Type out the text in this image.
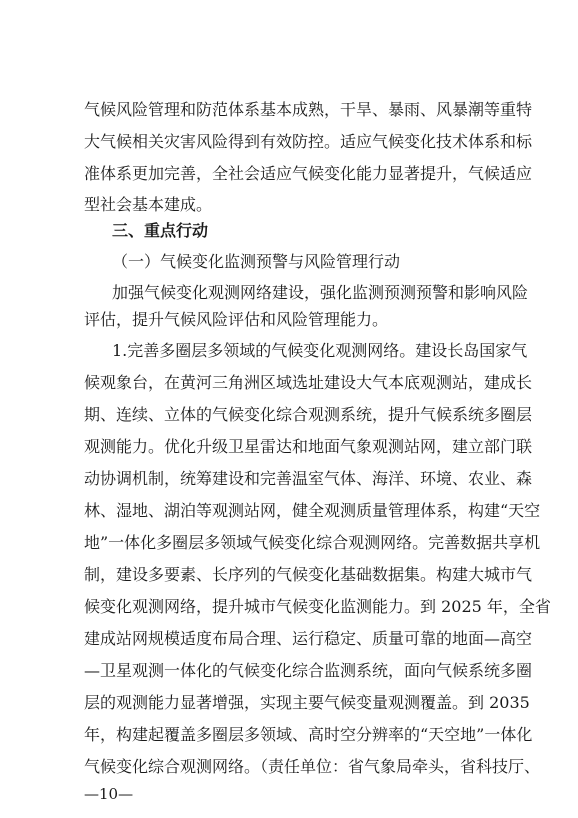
气候风险管理和防范体系基本成熟，干旱、暴雨、风暴潮等重特
大气候相关灾害风险得到有效防控。适应气候变化技术体系和标
准体系更加完善，全社会适应气候变化能力显著提升，气候适应
型社会基本建成。
三、重点行动
（一）气候变化监测预警与风险管理行动
加强气候变化观测网络建设，强化监测预测预警和影响风险
评估，提升气候风险评估和风险管理能力。
1.完善多圈层多领域的气候变化观测网络。建设长岛国家气
候观象台，在黄河三角洲区域选址建设大气本底观测站，建成长
期、连续、立体的气候变化综合观测系统，提升气候系统多圈层
观测能力。优化升级卫星雷达和地面气象观测站网，建立部门联
动协调机制，统筹建设和完善温室气体、海洋、环境、农业、森
林、湿地、湖泊等观测站网，健全观测质量管理体系，构建“天空
地”一体化多圈层多领域气候变化综合观测网络。完善数据共享机
制，建设多要素、长序列的气候变化基础数据集。构建大城市气
候变化观测网络，提升城市气候变化监测能力。到 2025 年，全省
建成站网规模适度布局合理、运行稳定、质量可靠的地面—高空
—卫星观测一体化的气候变化综合监测系统，面向气候系统多圈
层的观测能力显著增强，实现主要气候变量观测覆盖。到 2035
年，构建起覆盖多圈层多领域、高时空分辨率的“天空地”一体化
气候变化综合观测网络。（责任单位：省气象局牵头，省科技厅、
—10—
